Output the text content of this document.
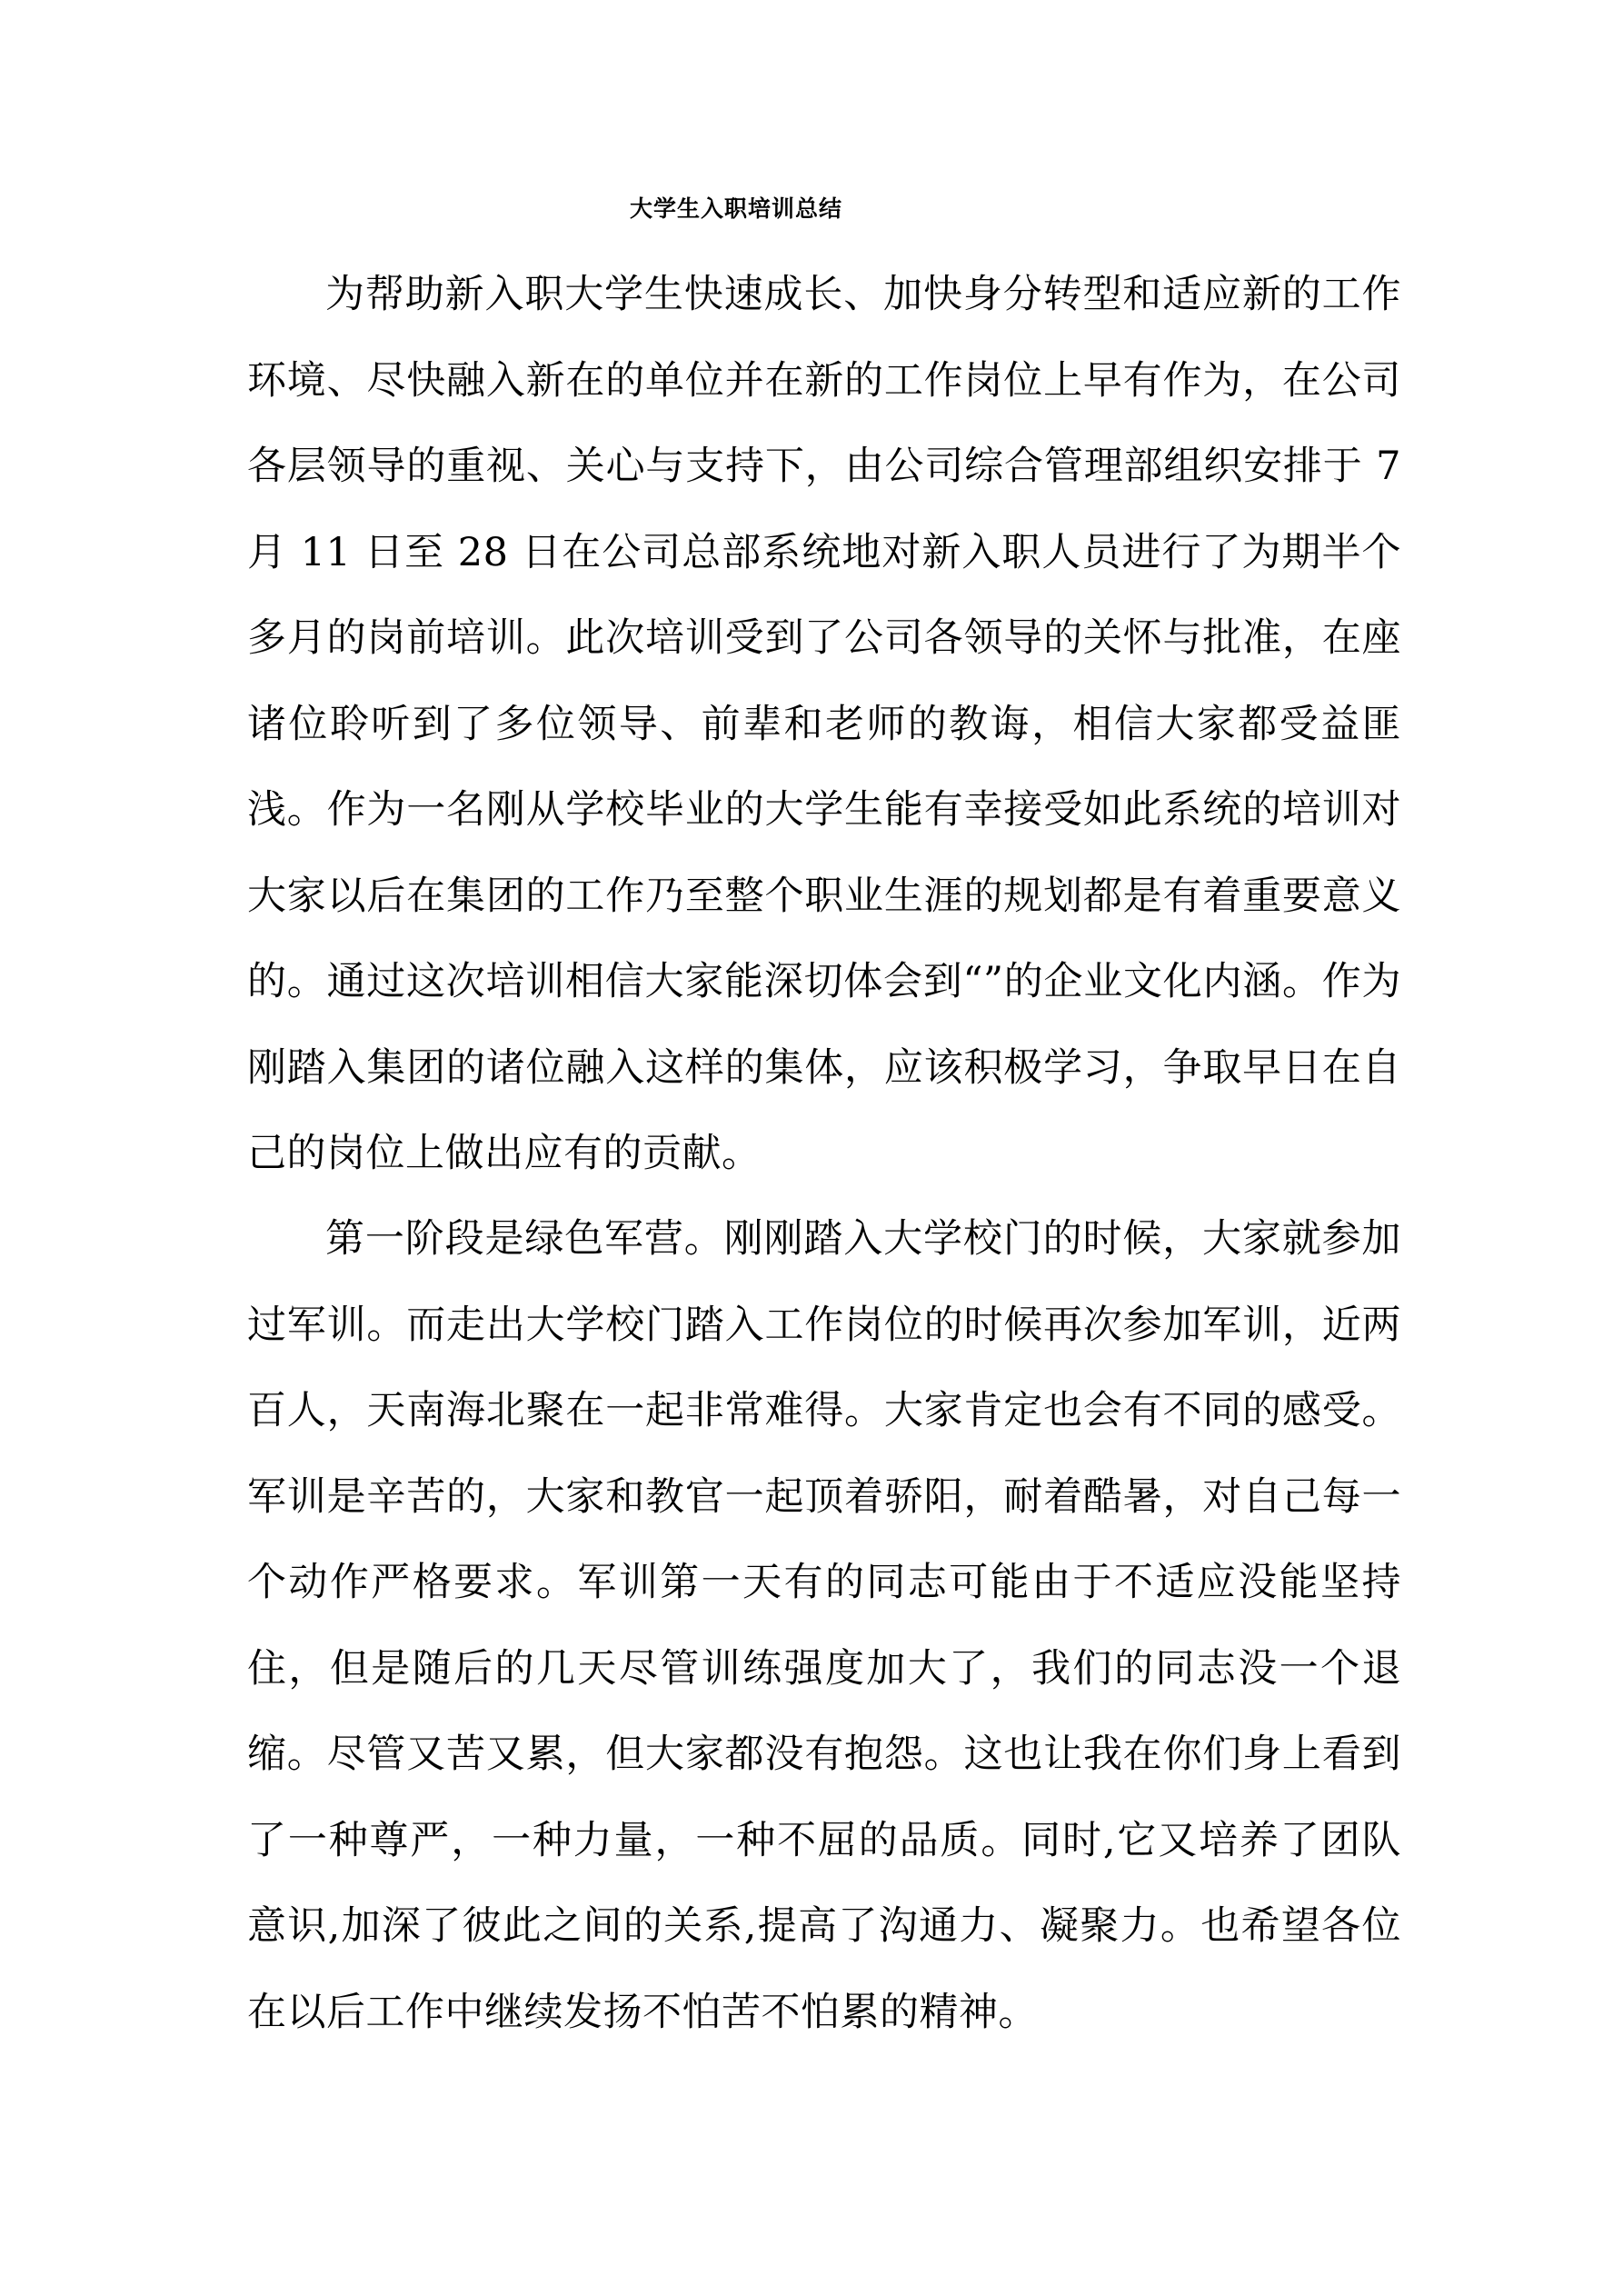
大学生入职培训总结

为帮助新入职大学生快速成长、加快身分转型和适应新的工作环境、尽快融入新在的单位并在新的工作岗位上早有作为，在公司各层领导的重视、关心与支持下，由公司综合管理部组织安排于 7 月 11 日至 28 日在公司总部系统地对新入职人员进行了为期半个多月的岗前培训。此次培训受到了公司各领导的关怀与批准，在座诸位聆听到了多位领导、前辈和老师的教诲，相信大家都受益匪浅。作为一名刚从学校毕业的大学生能有幸接受如此系统的培训对大家以后在集团的工作乃至整个职业生涯的规划都是有着重要意义的。通过这次培训相信大家能深切体会到“”的企业文化内涵。作为刚踏入集团的诸位融入这样的集体，应该积极学习，争取早日在自己的岗位上做出应有的贡献。

第一阶段是绿色军营。刚刚踏入大学校门的时候，大家就参加过军训。而走出大学校门踏入工作岗位的时候再次参加军训，近两百人，天南海北聚在一起非常难得。大家肯定也会有不同的感受。军训是辛苦的，大家和教官一起顶着骄阳，耐着酷暑，对自己每一个动作严格要求。军训第一天有的同志可能由于不适应没能坚持住，但是随后的几天尽管训练强度加大了，我们的同志没一个退缩。尽管又苦又累，但大家都没有抱怨。这也让我在你们身上看到了一种尊严，一种力量，一种不屈的品质。同时,它又培养了团队意识,加深了彼此之间的关系,提高了沟通力、凝聚力。也希望各位在以后工作中继续发扬不怕苦不怕累的精神。
